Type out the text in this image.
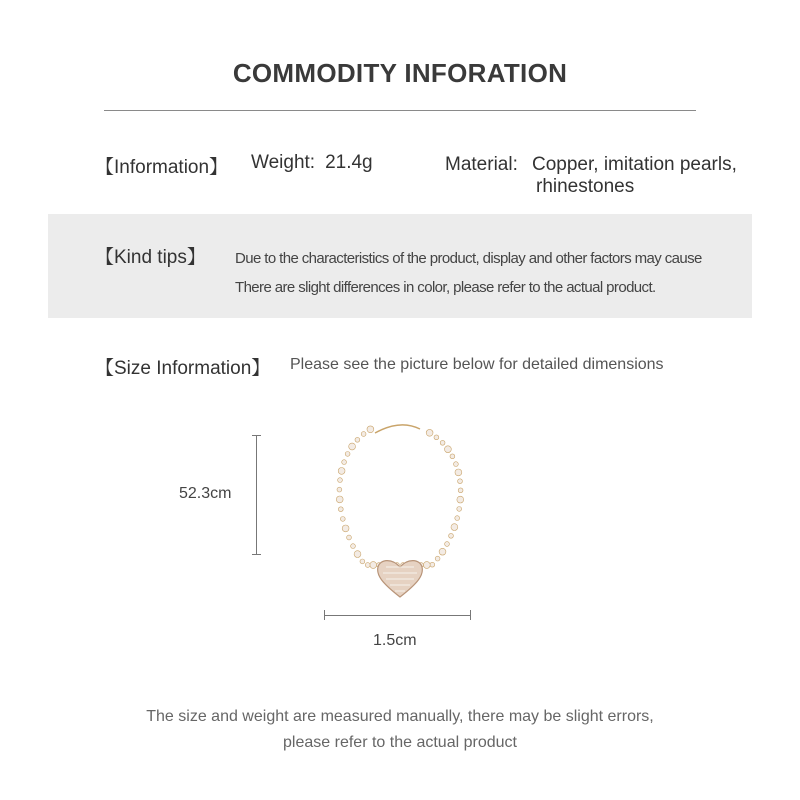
COMMODITY INFORATION
【Information】 Weight: 21.4g	Material: Copper, imitation pearls,
rhinestones
【Kind tips】 Due to the characteristics of the product, display and other factors may cause
There are slight differences in color, please refer to the actual product.
【Size Information】 Please see the picture below for detailed dimensions
52.3cm
1.5cm
The size and weight are measured manually, there may be slight errors,
please refer to the actual product
